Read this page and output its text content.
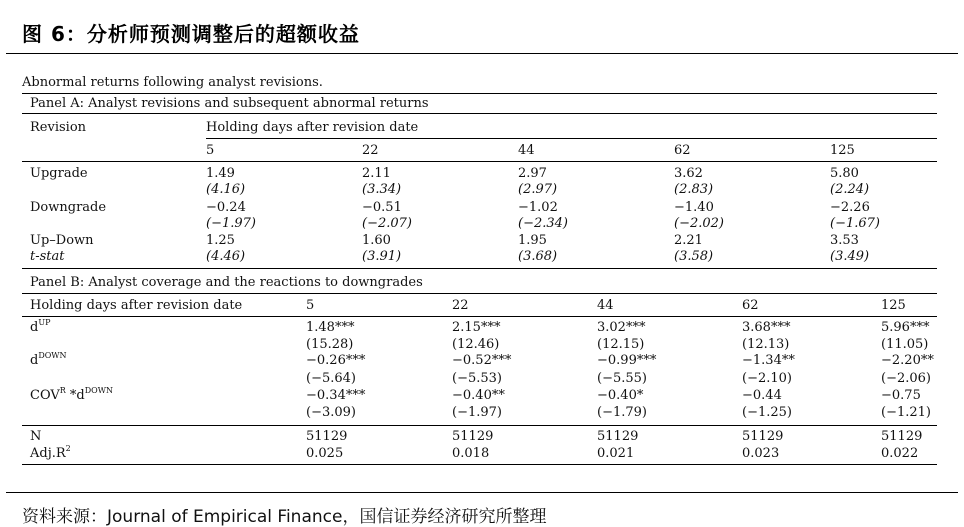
图 6：分析师预测调整后的超额收益
Abnormal returns following analyst revisions.
Panel A: Analyst revisions and subsequent abnormal returns
Revision	Holding days after revision date
5	22	44	62	125
Upgrade	1.49	2.11	2.97	3.62	5.80
(4.16)	(3.34)	(2.97)	(2.83)	(2.24)
Downgrade	−0.24	−0.51	−1.02	−1.40	−2.26
(−1.97)	(−2.07)	(−2.34)	(−2.02)	(−1.67)
Up–Down	1.25	1.60	1.95	2.21	3.53
t-stat	(4.46)	(3.91)	(3.68)	(3.58)	(3.49)
Panel B: Analyst coverage and the reactions to downgrades
Holding days after revision date	5	22	44	62	125
$d^{UP}$	1.48***	2.15***	3.02***	3.68***	5.96***
(15.28)	(12.46)	(12.15)	(12.13)	(11.05)
$d^{DOWN}$	−0.26***	−0.52***	−0.99***	−1.34**	−2.20**
(−5.64)	(−5.53)	(−5.55)	(−2.10)	(−2.06)
$COV^R$ $*d^{DOWN}$	−0.34***	−0.40**	−0.40*	−0.44	−0.75
(−3.09)	(−1.97)	(−1.79)	(−1.25)	(−1.21)
N	51129	51129	51129	51129	51129
$Adj.R^2$	0.025	0.018	0.021	0.023	0.022
资料来源：Journal of Empirical Finance，国信证券经济研究所整理
